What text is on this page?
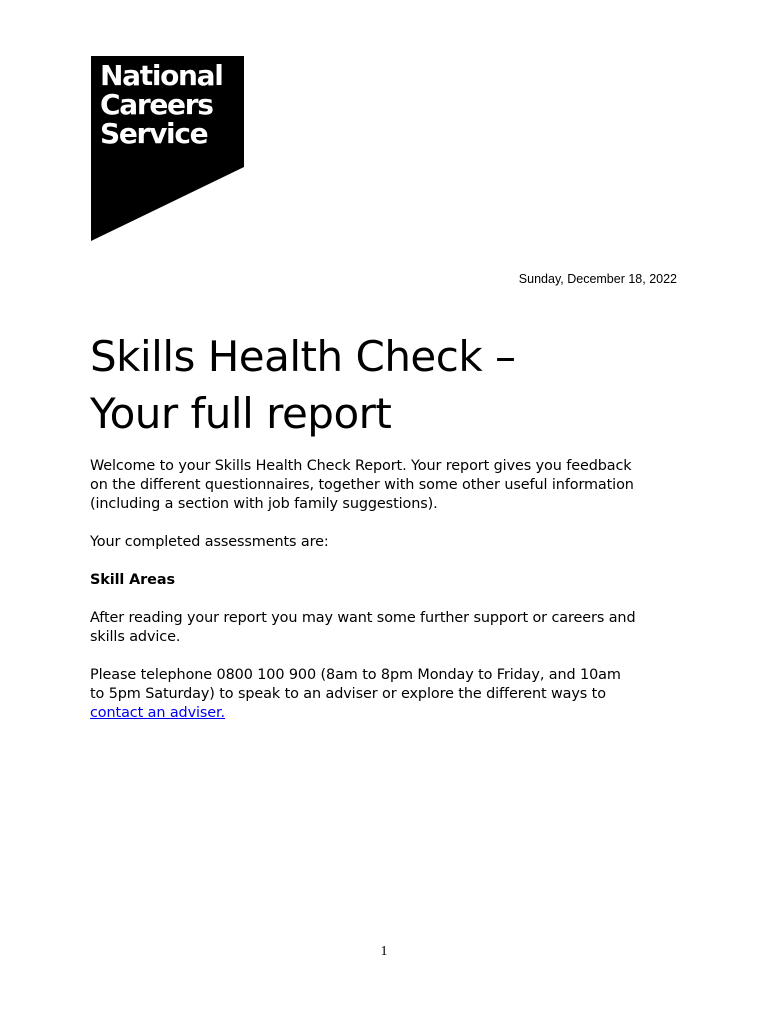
National
Careers
Service
Sunday, December 18, 2022
Skills Health Check –
Your full report

Welcome to your Skills Health Check Report. Your report gives you feedback
on the different questionnaires, together with some other useful information
(including a section with job family suggestions).

Your completed assessments are:

Skill Areas

After reading your report you may want some further support or careers and
skills advice.

Please telephone 0800 100 900 (8am to 8pm Monday to Friday, and 10am
to 5pm Saturday) to speak to an adviser or explore the different ways to
contact an adviser.

1
